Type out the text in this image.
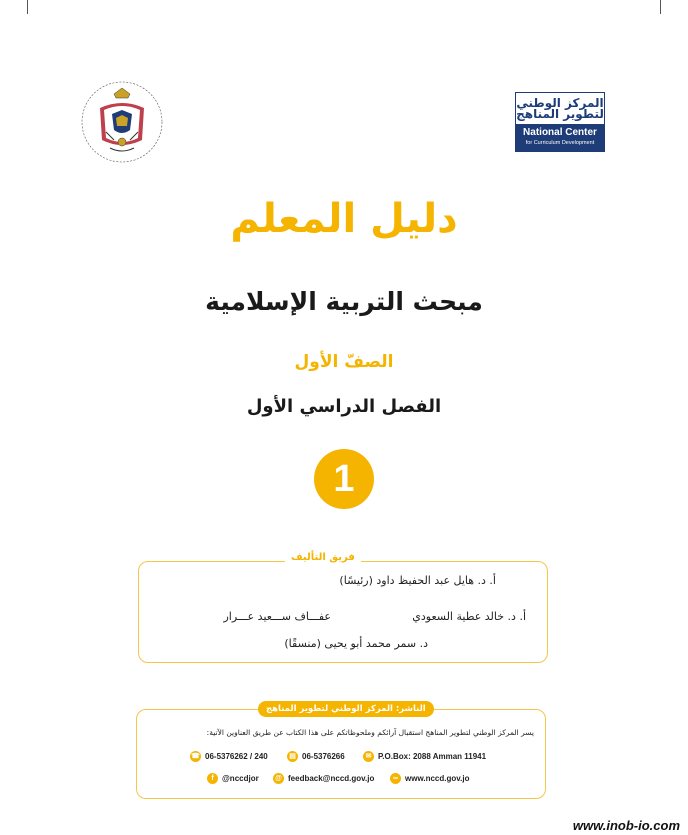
المركز الوطني لتطوير المناهج
National Center
for Curriculum Development
دليل المعلم
مبحث التربية الإسلامية
الصفّ الأول
الفصل الدراسي الأول
1
فريق التأليف
أ. د. هايل عبد الحفيظ داود (رئيسًا)
أ. د. خالد عطية السعودي
عفـــاف ســـعيد عـــرار
د. سمر محمد أبو يحيى (منسقًا)
الناشر: المركز الوطني لتطوير المناهج
يسر المركز الوطني لتطوير المناهج استقبال آرائكم وملحوظاتكم على هذا الكتاب عن طريق العناوين الآتية:
☎ 06-5376262 / 240	▤ 06-5376266	✉ P.O.Box: 2088 Amman 11941
f	@nccdjor @ feedback@nccd.gov.jo	∞ www.nccd.gov.jo
www.inob-io.com
